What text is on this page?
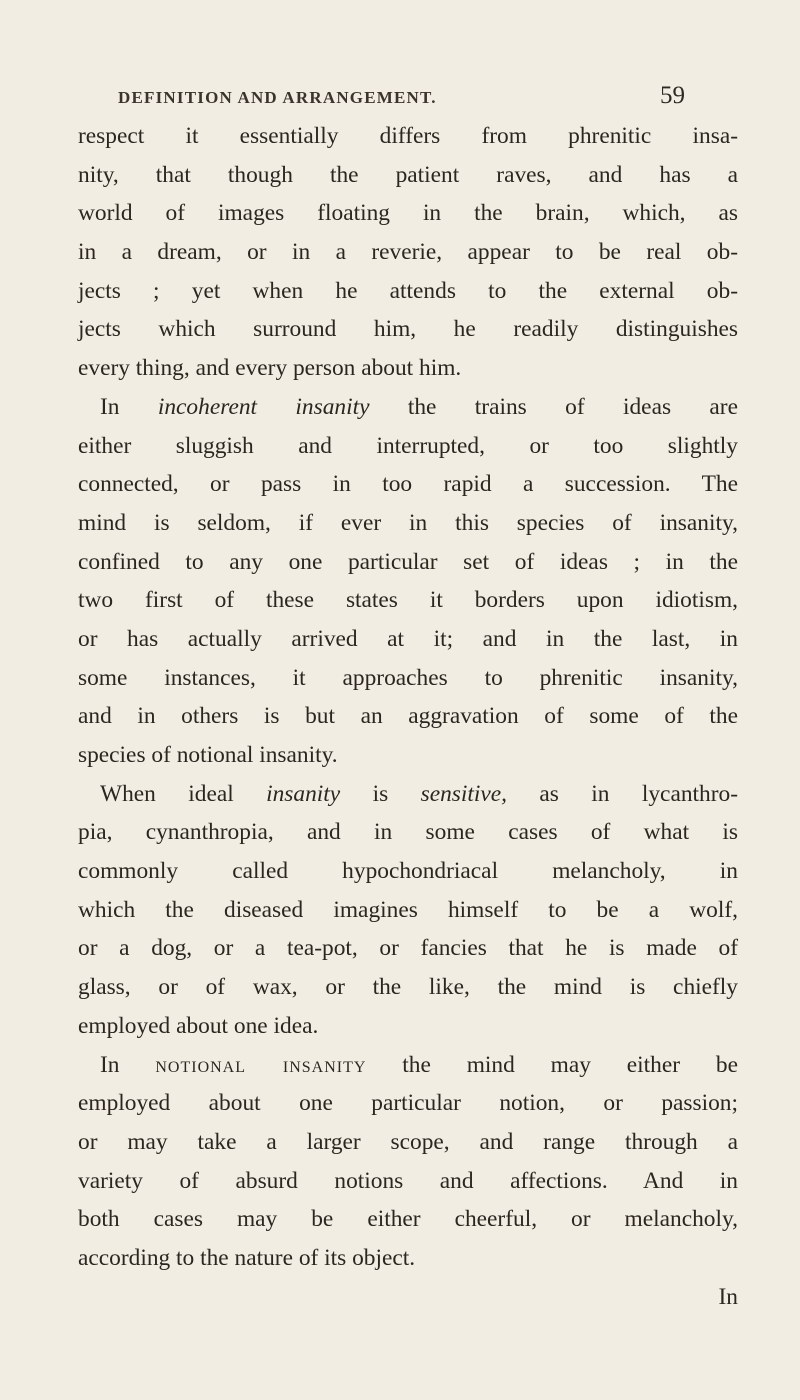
DEFINITION AND ARRANGEMENT.	59
respect it essentially differs from phrenitic insa-
nity, that though the patient raves, and has a
world of images floating in the brain, which, as
in a dream, or in a reverie, appear to be real ob-
jects ; yet when he attends to the external ob-
jects which surround him, he readily distinguishes
every thing, and every person about him.
In incoherent insanity the trains of ideas are
either sluggish and interrupted, or too slightly
connected, or pass in too rapid a succession. The
mind is seldom, if ever in this species of insanity,
confined to any one particular set of ideas ; in the
two first of these states it borders upon idiotism,
or has actually arrived at it; and in the last, in
some instances, it approaches to phrenitic insanity,
and in others is but an aggravation of some of the
species of notional insanity.
When ideal insanity is sensitive, as in lycanthro-
pia, cynanthropia, and in some cases of what is
commonly called hypochondriacal melancholy, in
which the diseased imagines himself to be a wolf,
or a dog, or a tea-pot, or fancies that he is made of
glass, or of wax, or the like, the mind is chiefly
employed about one idea.
In notional insanity the mind may either be
employed about one particular notion, or passion;
or may take a larger scope, and range through a
variety of absurd notions and affections. And in
both cases may be either cheerful, or melancholy,
according to the nature of its object.
In
